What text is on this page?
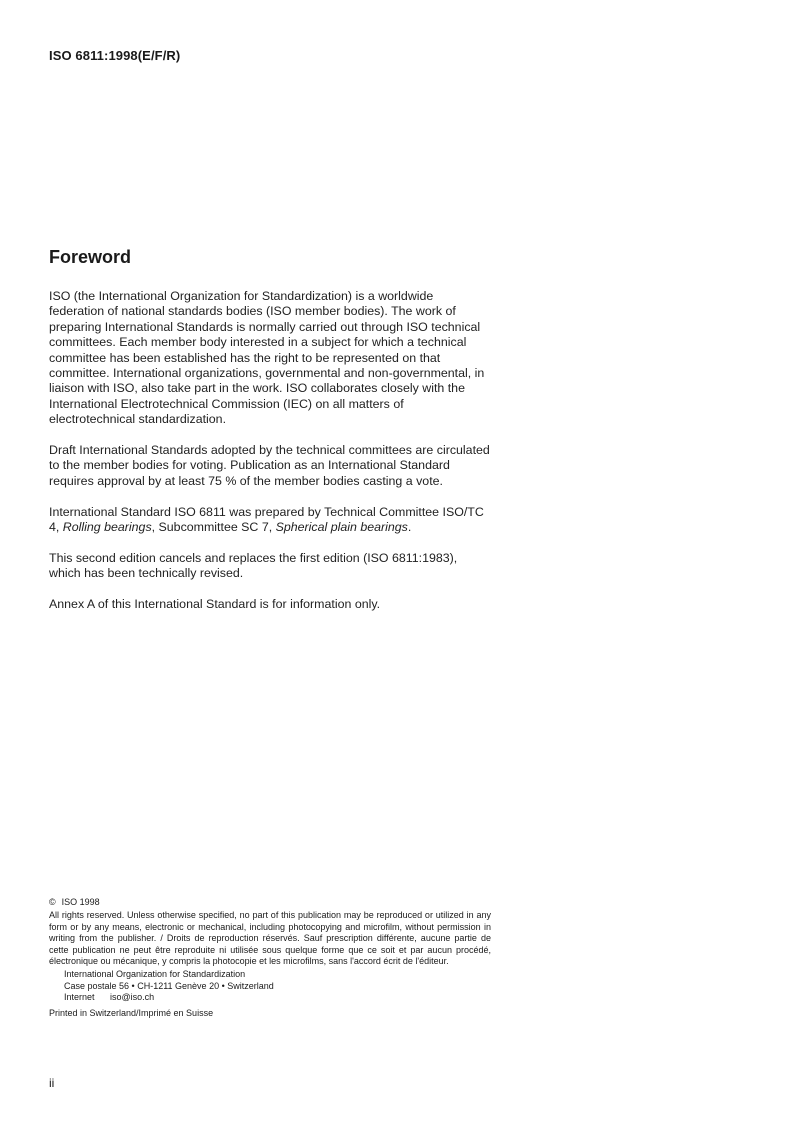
ISO 6811:1998(E/F/R)
Foreword

ISO (the International Organization for Standardization) is a worldwide federation of national standards bodies (ISO member bodies). The work of preparing International Standards is normally carried out through ISO technical committees. Each member body interested in a subject for which a technical committee has been established has the right to be represented on that committee. International organizations, governmental and non-governmental, in liaison with ISO, also take part in the work. ISO collaborates closely with the International Electrotechnical Commission (IEC) on all matters of electrotechnical standardization.

Draft International Standards adopted by the technical committees are circulated to the member bodies for voting. Publication as an International Standard requires approval by at least 75 % of the member bodies casting a vote.

International Standard ISO 6811 was prepared by Technical Committee ISO/TC 4, Rolling bearings, Subcommittee SC 7, Spherical plain bearings.

This second edition cancels and replaces the first edition (ISO 6811:1983), which has been technically revised.

Annex A of this International Standard is for information only.

© ISO 1998

All rights reserved. Unless otherwise specified, no part of this publication may be reproduced or utilized in any form or by any means, electronic or mechanical, including photocopying and microfilm, without permission in writing from the publisher. / Droits de reproduction réservés. Sauf prescription différente, aucune partie de cette publication ne peut être reproduite ni utilisée sous quelque forme que ce soit et par aucun procédé, électronique ou mécanique, y compris la photocopie et les microfilms, sans l'accord écrit de l'éditeur.

International Organization for Standardization
Case postale 56 • CH-1211 Genève 20 • Switzerland
Internet iso@iso.ch
Printed in Switzerland/Imprimé en Suisse
ii
